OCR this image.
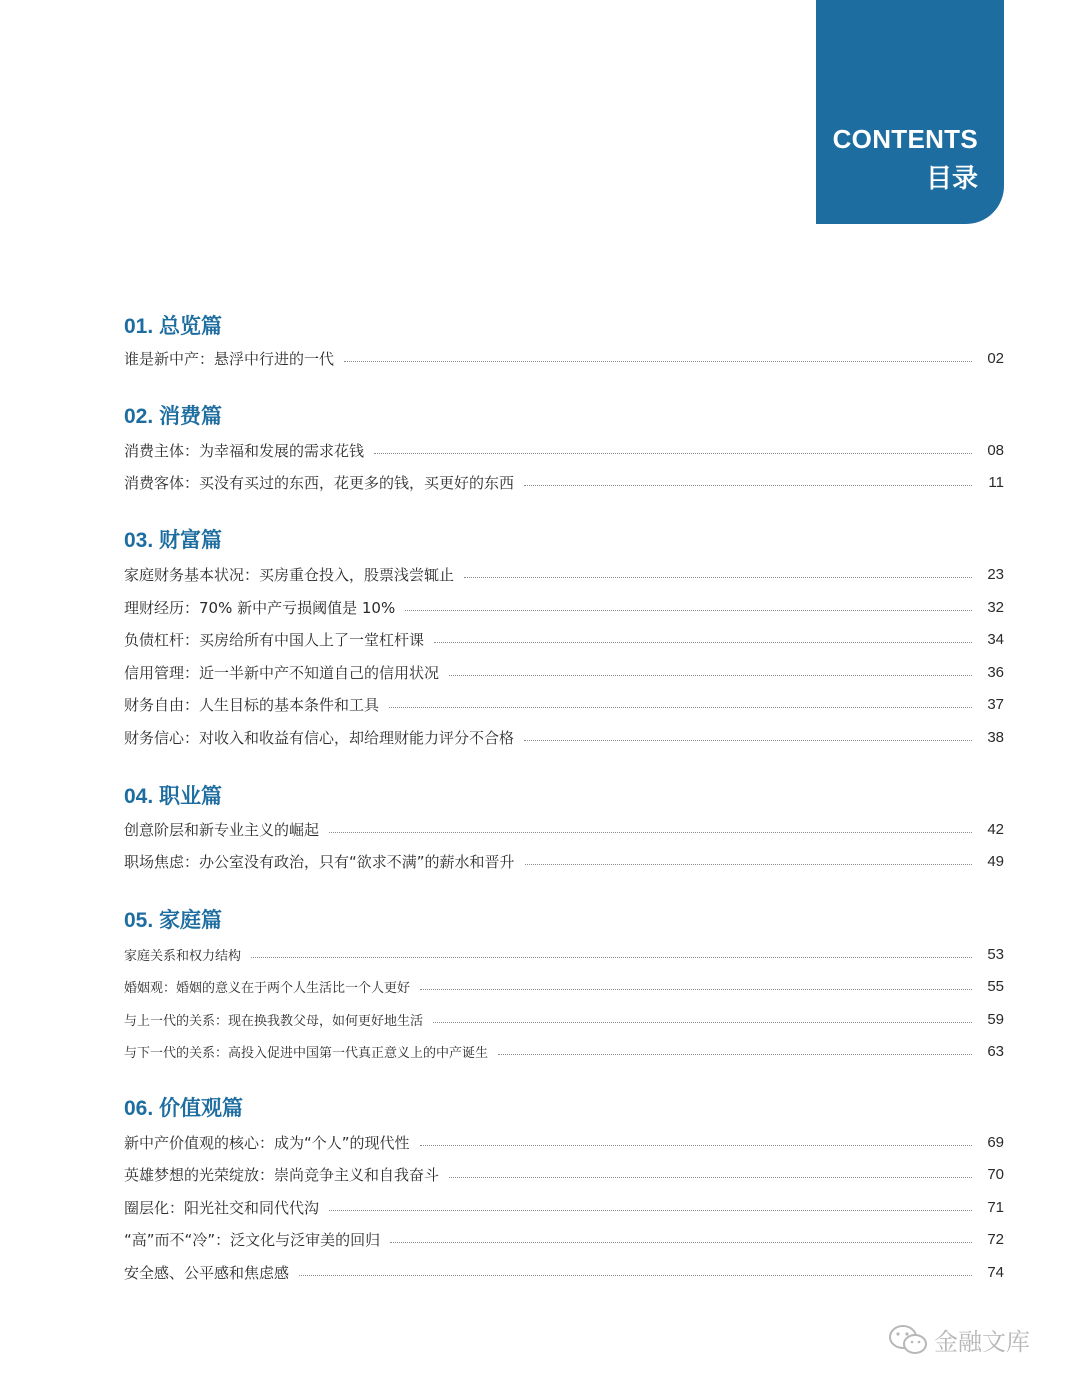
CONTENTS
目录
01. 总览篇
谁是新中产：悬浮中行进的一代	02
02. 消费篇
消费主体：为幸福和发展的需求花钱	08
消费客体：买没有买过的东西，花更多的钱，买更好的东西	11
03. 财富篇
家庭财务基本状况：买房重仓投入，股票浅尝辄止	23
理财经历：70% 新中产亏损阈值是 10%	32
负债杠杆：买房给所有中国人上了一堂杠杆课	34
信用管理：近一半新中产不知道自己的信用状况	36
财务自由：人生目标的基本条件和工具	37
财务信心：对收入和收益有信心，却给理财能力评分不合格	38
04. 职业篇
创意阶层和新专业主义的崛起	42
职场焦虑：办公室没有政治，只有“欲求不满”的薪水和晋升	49
05. 家庭篇
家庭关系和权力结构	53
婚姻观：婚姻的意义在于两个人生活比一个人更好	55
与上一代的关系：现在换我教父母，如何更好地生活	59
与下一代的关系：高投入促进中国第一代真正意义上的中产诞生	63
06. 价值观篇
新中产价值观的核心：成为“个人”的现代性	69
英雄梦想的光荣绽放：崇尚竞争主义和自我奋斗	70
圈层化：阳光社交和同代代沟	71
“高”而不“冷”：泛文化与泛审美的回归	72
安全感、公平感和焦虑感	74
金融文库
